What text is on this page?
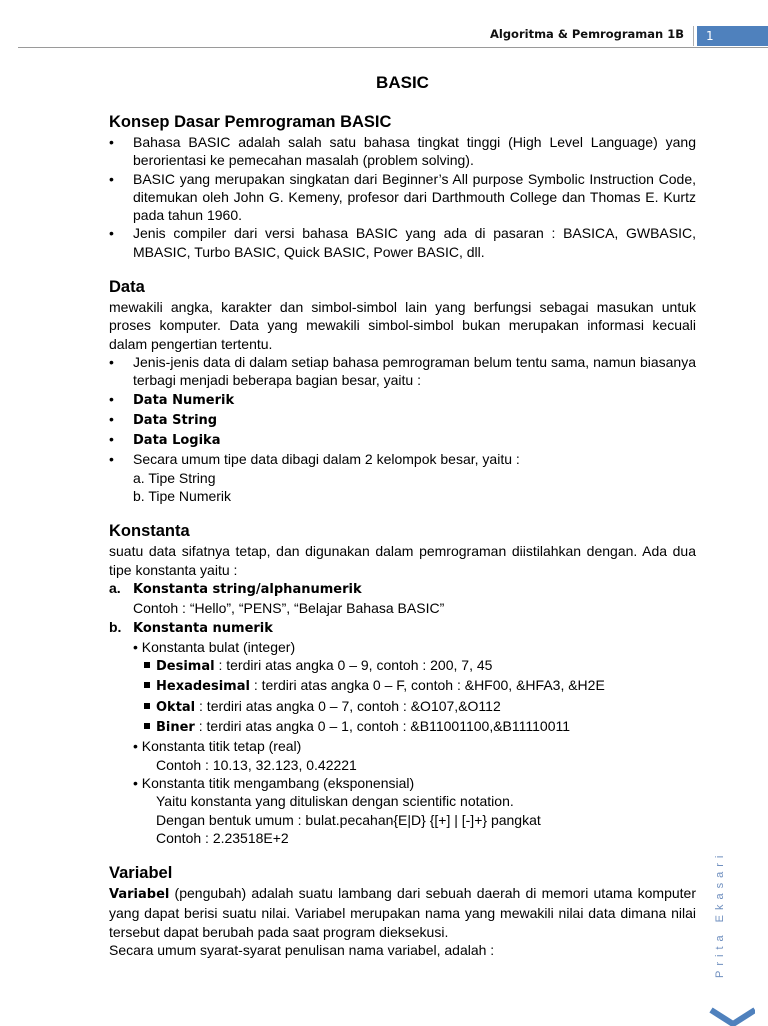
Algoritma & Pemrograman 1B	1
Prita Ekasari
BASIC
Konsep Dasar Pemrograman BASIC
• Bahasa BASIC adalah salah satu bahasa tingkat tinggi (High Level Language) yang berorientasi ke pemecahan masalah (problem solving).
• BASIC yang merupakan singkatan dari Beginner’s All purpose Symbolic Instruction Code, ditemukan oleh John G. Kemeny, profesor dari Darthmouth College dan Thomas E. Kurtz pada tahun 1960.
• Jenis compiler dari versi bahasa BASIC yang ada di pasaran : BASICA, GWBASIC, MBASIC, Turbo BASIC, Quick BASIC, Power BASIC, dll.
Data

mewakili angka, karakter dan simbol-simbol lain yang berfungsi sebagai masukan untuk proses komputer. Data yang mewakili simbol-simbol bukan merupakan informasi kecuali dalam pengertian tertentu.

• Jenis-jenis data di dalam setiap bahasa pemrograman belum tentu sama, namun biasanya terbagi menjadi beberapa bagian besar, yaitu :
• Data Numerik
• Data String
• Data Logika
• Secara umum tipe data dibagi dalam 2 kelompok besar, yaitu :
a. Tipe String
b. Tipe Numerik
Konstanta

suatu data sifatnya tetap, dan digunakan dalam pemrograman diistilahkan dengan. Ada dua tipe konstanta yaitu :

a. Konstanta string/alphanumerik
Contoh : “Hello”, “PENS”, “Belajar Bahasa BASIC”
b. Konstanta numerik
• Konstanta bulat (integer)
Desimal : terdiri atas angka 0 – 9, contoh : 200, 7, 45
Hexadesimal : terdiri atas angka 0 – F, contoh : &HF00, &HFA3, &H2E
Oktal : terdiri atas angka 0 – 7, contoh : &O107,&O112
Biner : terdiri atas angka 0 – 1, contoh : &B11001100,&B11110011
• Konstanta titik tetap (real)
Contoh : 10.13, 32.123, 0.42221
• Konstanta titik mengambang (eksponensial)
Yaitu konstanta yang dituliskan dengan scientific notation.
Dengan bentuk umum : bulat.pecahan{E|D} {[+] | [-]+} pangkat
Contoh : 2.23518E+2
Variabel

Variabel (pengubah) adalah suatu lambang dari sebuah daerah di memori utama komputer yang dapat berisi suatu nilai. Variabel merupakan nama yang mewakili nilai data dimana nilai tersebut dapat berubah pada saat program dieksekusi.

Secara umum syarat-syarat penulisan nama variabel, adalah :
